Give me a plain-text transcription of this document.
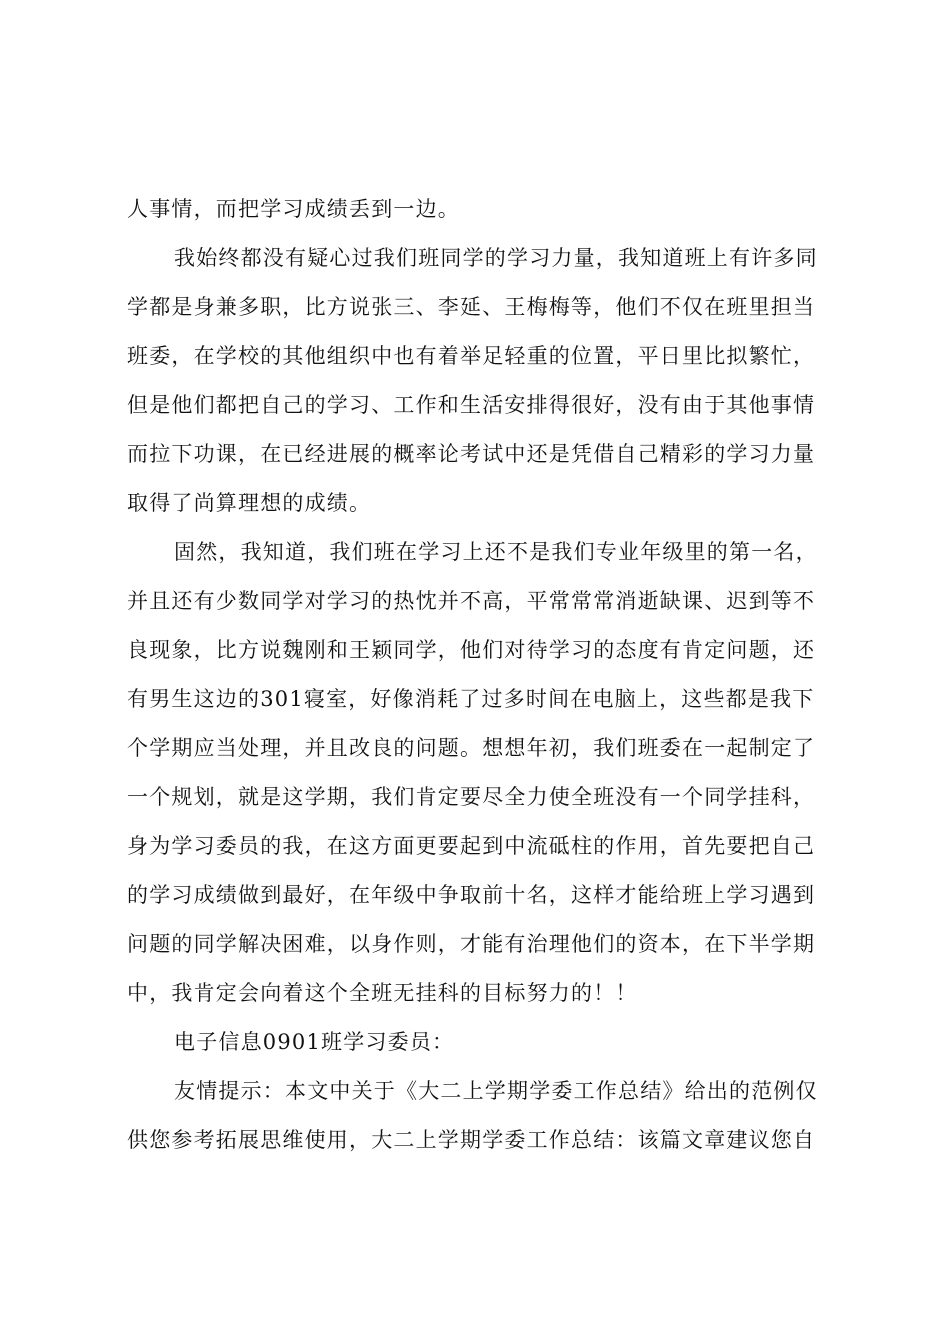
人事情，而把学习成绩丢到一边。
我始终都没有疑心过我们班同学的学习力量，我知道班上有许多同
学都是身兼多职，比方说张三、李延、王梅梅等，他们不仅在班里担当
班委，在学校的其他组织中也有着举足轻重的位置，平日里比拟繁忙，
但是他们都把自己的学习、工作和生活安排得很好，没有由于其他事情
而拉下功课，在已经进展的概率论考试中还是凭借自己精彩的学习力量
取得了尚算理想的成绩。
固然，我知道，我们班在学习上还不是我们专业年级里的第一名，
并且还有少数同学对学习的热忱并不高，平常常常消逝缺课、迟到等不
良现象，比方说魏刚和王颖同学，他们对待学习的态度有肯定问题，还
有男生这边的301寝室，好像消耗了过多时间在电脑上，这些都是我下
个学期应当处理，并且改良的问题。想想年初，我们班委在一起制定了
一个规划，就是这学期，我们肯定要尽全力使全班没有一个同学挂科，
身为学习委员的我，在这方面更要起到中流砥柱的作用，首先要把自己
的学习成绩做到最好，在年级中争取前十名，这样才能给班上学习遇到
问题的同学解决困难，以身作则，才能有治理他们的资本，在下半学期
中，我肯定会向着这个全班无挂科的目标努力的！！
电子信息0901班学习委员：
友情提示：本文中关于《大二上学期学委工作总结》给出的范例仅
供您参考拓展思维使用，大二上学期学委工作总结：该篇文章建议您自
